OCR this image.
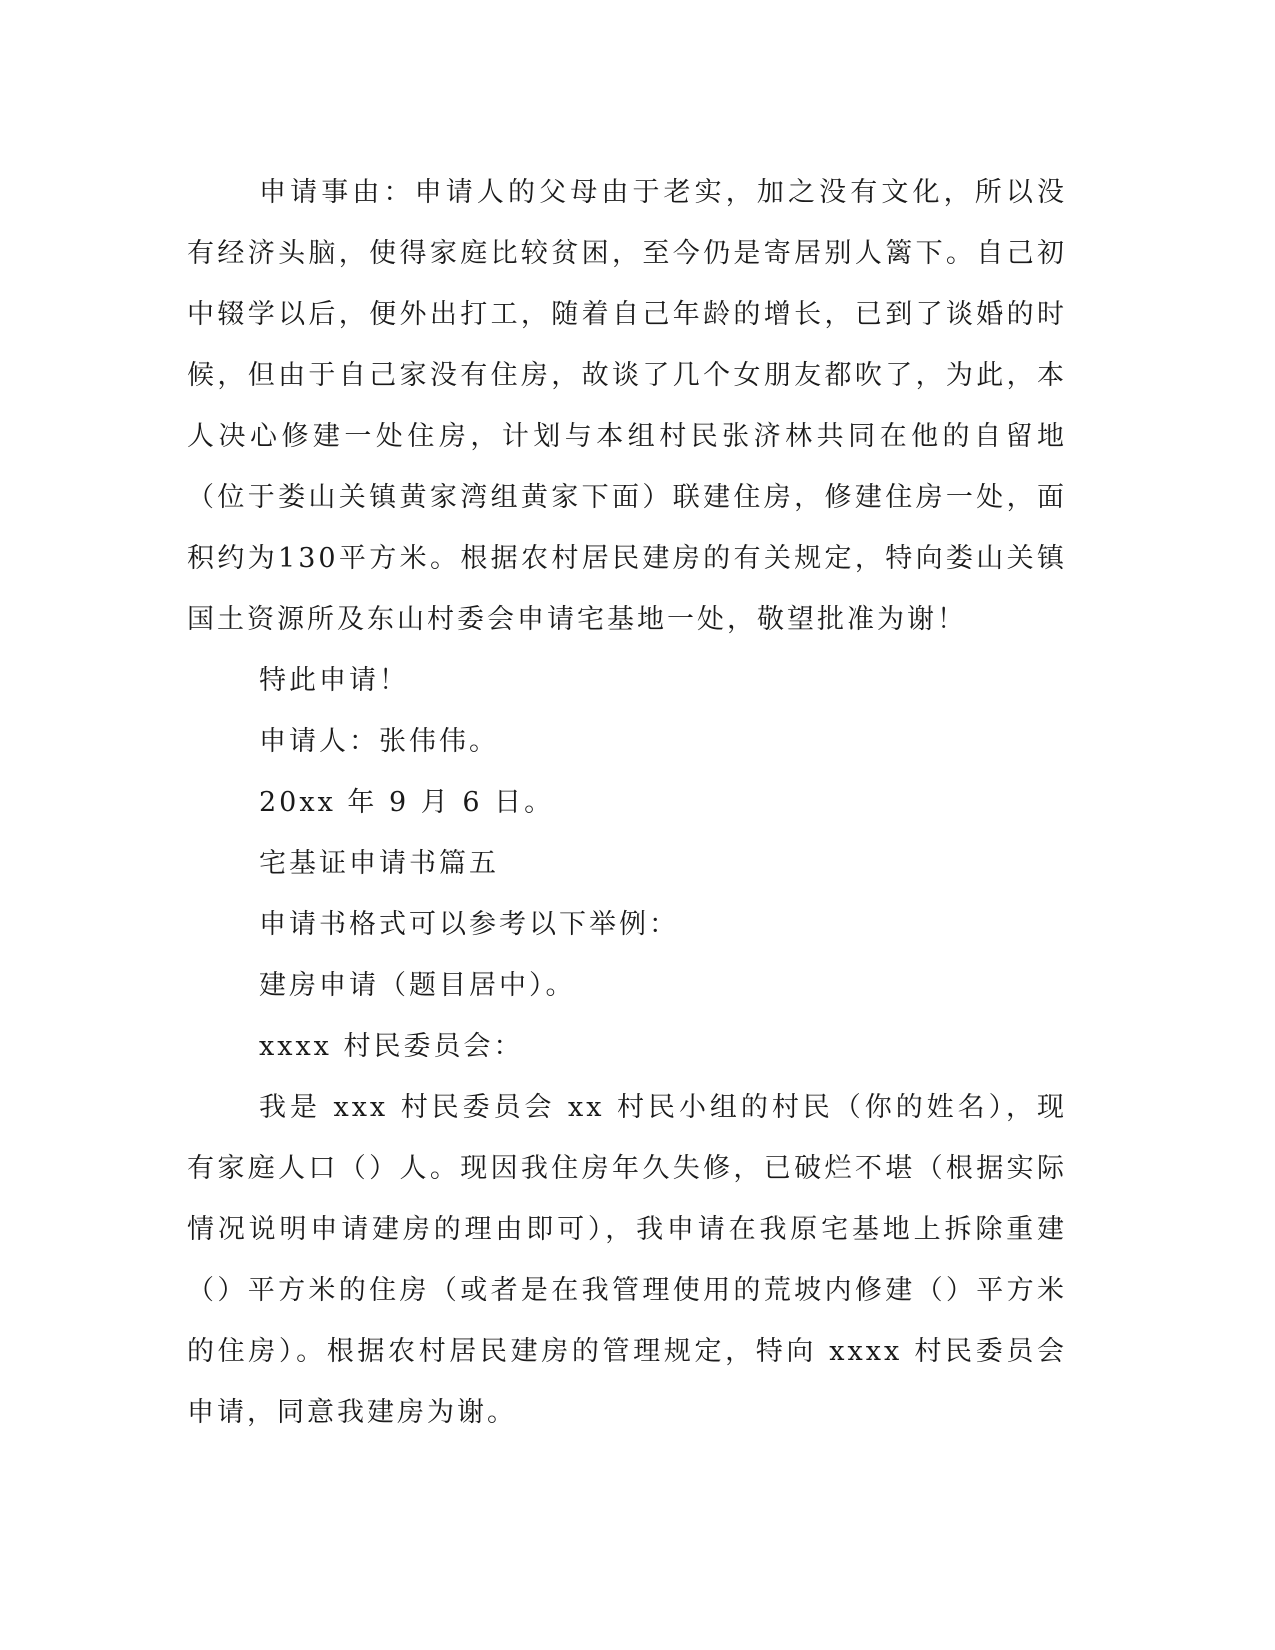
申请事由：申请人的父母由于老实，加之没有文化，所以没有经济头脑，使得家庭比较贫困，至今仍是寄居别人篱下。自己初中辍学以后，便外出打工，随着自己年龄的增长，已到了谈婚的时候，但由于自己家没有住房，故谈了几个女朋友都吹了，为此，本人决心修建一处住房，计划与本组村民张济林共同在他的自留地（位于娄山关镇黄家湾组黄家下面）联建住房，修建住房一处，面积约为130平方米。根据农村居民建房的有关规定，特向娄山关镇国土资源所及东山村委会申请宅基地一处，敬望批准为谢！

特此申请！

申请人：张伟伟。

20xx 年 9 月 6 日。

宅基证申请书篇五

申请书格式可以参考以下举例：

建房申请（题目居中）。

xxxx 村民委员会：

我是 xxx 村民委员会 xx 村民小组的村民（你的姓名），现有家庭人口（）人。现因我住房年久失修，已破烂不堪（根据实际情况说明申请建房的理由即可），我申请在我原宅基地上拆除重建（）平方米的住房（或者是在我管理使用的荒坡内修建（）平方米的住房）。根据农村居民建房的管理规定，特向 xxxx 村民委员会申请，同意我建房为谢。
